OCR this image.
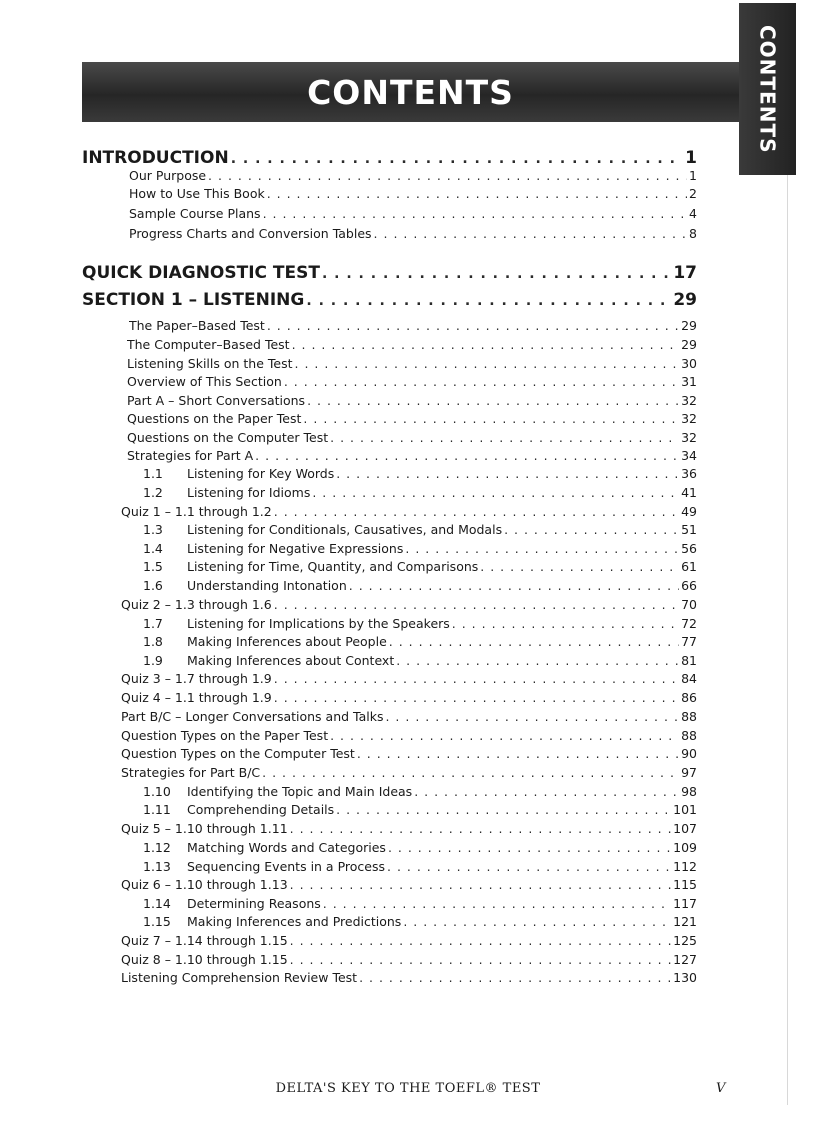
CONTENTS	CONTENTS
INTRODUCTION . . .	1
Our Purpose . . .	1
How to Use This Book . . .	2
Sample Course Plans . . .	4
Progress Charts and Conversion Tables . . .	8
QUICK DIAGNOSTIC TEST . . .	17
SECTION 1 – LISTENING . . .	29
The Paper–Based Test . . .	29
The Computer–Based Test . . .	29
Listening Skills on the Test . . .	30
Overview of This Section . . .	31
Part A – Short Conversations . . .	32
Questions on the Paper Test . . .	32
Questions on the Computer Test . . .	32
Strategies for Part A . . .	34
1.1	Listening for Key Words . . .	36
1.2	Listening for Idioms . . .	41
Quiz 1 – 1.1 through 1.2 . . .	49
1.3	Listening for Conditionals, Causatives, and Modals . . .	51
1.4	Listening for Negative Expressions . . .	56
1.5	Listening for Time, Quantity, and Comparisons . . .	61
1.6	Understanding Intonation . . .	66
Quiz 2 – 1.3 through 1.6 . . .	70
1.7	Listening for Implications by the Speakers . . .	72
1.8	Making Inferences about People . . .	77
1.9	Making Inferences about Context . . .	81
Quiz 3 – 1.7 through 1.9 . . .	84
Quiz 4 – 1.1 through 1.9 . . .	86
Part B/C – Longer Conversations and Talks . . .	88
Question Types on the Paper Test . . .	88
Question Types on the Computer Test . . .	90
Strategies for Part B/C . . .	97
1.10	Identifying the Topic and Main Ideas . . .	98
1.11	Comprehending Details . . .	101
Quiz 5 – 1.10 through 1.11 . . .	107
1.12	Matching Words and Categories . . .	109
1.13	Sequencing Events in a Process . . .	112
Quiz 6 – 1.10 through 1.13 . . .	115
1.14	Determining Reasons . . .	117
1.15	Making Inferences and Predictions . . .	121
Quiz 7 – 1.14 through 1.15 . . .	125
Quiz 8 – 1.10 through 1.15 . . .	127
Listening Comprehension Review Test . . .	130
DELTA'S KEY TO THE TOEFL® TEST	V
